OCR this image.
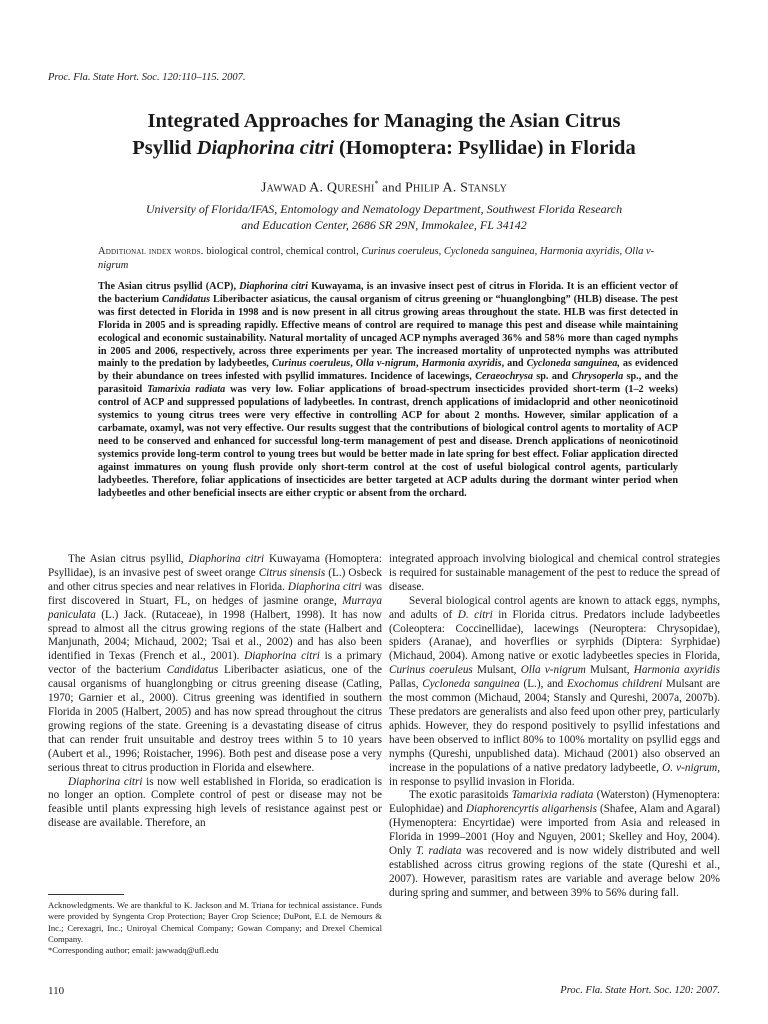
Proc. Fla. State Hort. Soc. 120:110–115. 2007.
Integrated Approaches for Managing the Asian Citrus
Psyllid Diaphorina citri (Homoptera: Psyllidae) in Florida
Jawwad A. Qureshi* and Philip A. Stansly
University of Florida/IFAS, Entomology and Nematology Department, Southwest Florida Research
and Education Center, 2686 SR 29N, Immokalee, FL 34142
Additional index words. biological control, chemical control, Curinus coeruleus, Cycloneda sanguinea, Harmonia axyridis, Olla v-nigrum
The Asian citrus psyllid (ACP), Diaphorina citri Kuwayama, is an invasive insect pest of citrus in Florida. It is an efficient vector of the bacterium Candidatus Liberibacter asiaticus, the causal organism of citrus greening or “huanglongbing” (HLB) disease. The pest was first detected in Florida in 1998 and is now present in all citrus growing areas throughout the state. HLB was first detected in Florida in 2005 and is spreading rapidly. Effective means of control are required to manage this pest and disease while maintaining ecological and economic sustainability. Natural mortality of uncaged ACP nymphs averaged 36% and 58% more than caged nymphs in 2005 and 2006, respectively, across three experiments per year. The increased mortality of unprotected nymphs was attributed mainly to the predation by ladybeetles, Curinus coeruleus, Olla v-nigrum, Harmonia axyridis, and Cycloneda sanguinea, as evidenced by their abundance on trees infested with psyllid immatures. Incidence of lacewings, Ceraeochrysa sp. and Chrysoperla sp., and the parasitoid Tamarixia radiata was very low. Foliar applications of broad-spectrum insecticides provided short-term (1–2 weeks) control of ACP and suppressed populations of ladybeetles. In contrast, drench applications of imidacloprid and other neonicotinoid systemics to young citrus trees were very effective in controlling ACP for about 2 months. However, similar application of a carbamate, oxamyl, was not very effective. Our results suggest that the contributions of biological control agents to mortality of ACP need to be conserved and enhanced for successful long-term management of pest and disease. Drench applications of neonicotinoid systemics provide long-term control to young trees but would be better made in late spring for best effect. Foliar application directed against immatures on young flush provide only short-term control at the cost of useful biological control agents, particularly ladybeetles. Therefore, foliar applications of insecticides are better targeted at ACP adults during the dormant winter period when ladybeetles and other beneficial insects are either cryptic or absent from the orchard.

The Asian citrus psyllid, Diaphorina citri Kuwayama (Homoptera: Psyllidae), is an invasive pest of sweet orange Citrus sinensis (L.) Osbeck and other citrus species and near relatives in Florida. Diaphorina citri was first discovered in Stuart, FL, on hedges of jasmine orange, Murraya paniculata (L.) Jack. (Rutaceae), in 1998 (Halbert, 1998). It has now spread to almost all the citrus growing regions of the state (Halbert and Manjunath, 2004; Michaud, 2002; Tsai et al., 2002) and has also been identified in Texas (French et al., 2001). Diaphorina citri is a primary vector of the bacterium Candidatus Liberibacter asiaticus, one of the causal organisms of huanglongbing or citrus greening disease (Catling, 1970; Garnier et al., 2000). Citrus greening was identified in southern Florida in 2005 (Halbert, 2005) and has now spread throughout the citrus growing regions of the state. Greening is a devastating disease of citrus that can render fruit unsuitable and destroy trees within 5 to 10 years (Aubert et al., 1996; Roistacher, 1996). Both pest and disease pose a very serious threat to citrus production in Florida and elsewhere.

Diaphorina citri is now well established in Florida, so eradication is no longer an option. Complete control of pest or disease may not be feasible until plants expressing high levels of resistance against pest or disease are available. Therefore, an

integrated approach involving biological and chemical control strategies is required for sustainable management of the pest to reduce the spread of disease.

Several biological control agents are known to attack eggs, nymphs, and adults of D. citri in Florida citrus. Predators include ladybeetles (Coleoptera: Coccinellidae), lacewings (Neuroptera: Chrysopidae), spiders (Aranae), and hoverflies or syrphids (Diptera: Syrphidae) (Michaud, 2004). Among native or exotic ladybeetles species in Florida, Curinus coeruleus Mulsant, Olla v-nigrum Mulsant, Harmonia axyridis Pallas, Cycloneda sanguinea (L.), and Exochomus childreni Mulsant are the most common (Michaud, 2004; Stansly and Qureshi, 2007a, 2007b). These predators are generalists and also feed upon other prey, particularly aphids. However, they do respond positively to psyllid infestations and have been observed to inflict 80% to 100% mortality on psyllid eggs and nymphs (Qureshi, unpublished data). Michaud (2001) also observed an increase in the populations of a native predatory ladybeetle, O. v-nigrum, in response to psyllid invasion in Florida.

The exotic parasitoids Tamarixia radiata (Waterston) (Hymenoptera: Eulophidae) and Diaphorencyrtis aligarhensis (Shafee, Alam and Agaral) (Hymenoptera: Encyrtidae) were imported from Asia and released in Florida in 1999–2001 (Hoy and Nguyen, 2001; Skelley and Hoy, 2004). Only T. radiata was recovered and is now widely distributed and well established across citrus growing regions of the state (Qureshi et al., 2007). However, parasitism rates are variable and average below 20% during spring and summer, and between 39% to 56% during fall.

Acknowledgments. We are thankful to K. Jackson and M. Triana for technical assistance. Funds were provided by Syngenta Crop Protection; Bayer Crop Science; DuPont, E.I. de Nemours & Inc.; Cerexagri, Inc.; Uniroyal Chemical Company; Gowan Company; and Drexel Chemical Company.

*Corresponding author; email: jawwadq@ufl.edu

110	Proc. Fla. State Hort. Soc. 120: 2007.
